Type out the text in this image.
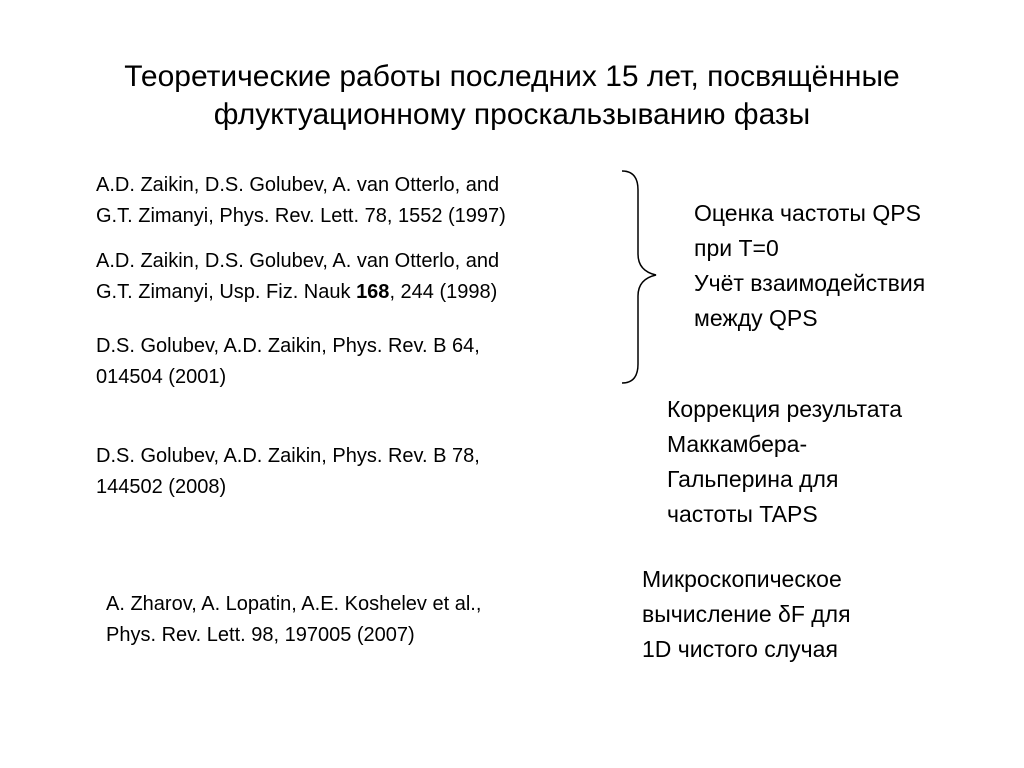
Теоретические работы последних 15 лет, посвящённые
флуктуационному проскальзыванию фазы
A.D. Zaikin, D.S. Golubev, A. van Otterlo, and
G.T. Zimanyi, Phys. Rev. Lett. 78, 1552 (1997)
A.D. Zaikin, D.S. Golubev, A. van Otterlo, and
G.T. Zimanyi, Usp. Fiz. Nauk 168, 244 (1998)
D.S. Golubev, A.D. Zaikin, Phys. Rev. B 64,
014504 (2001)
D.S. Golubev, A.D. Zaikin, Phys. Rev. B 78,
144502 (2008)
A. Zharov, A. Lopatin, A.E. Koshelev et al.,
Phys. Rev. Lett. 98, 197005 (2007)
Оценка частоты QPS
при T=0
Учёт взаимодействия
между QPS
Коррекция результата
Маккамбера-
Гальперина для
частоты TAPS
Микроскопическое
вычисление δF для
1D чистого случая
